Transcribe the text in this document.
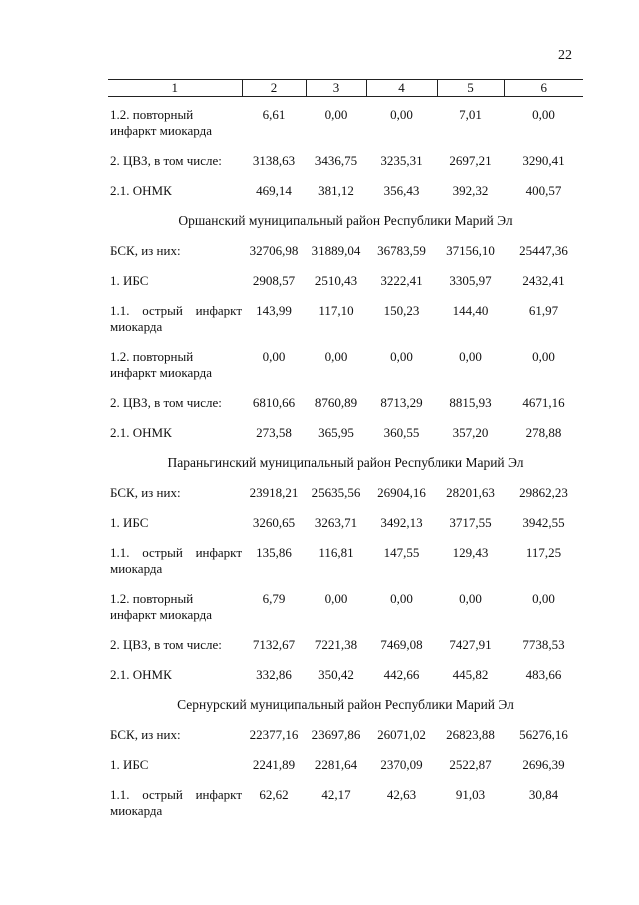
22
1	2	3	4	5	6

1.2. повторный
инфаркт миокарда	6,61	0,00	0,00	7,01	0,00

2. ЦВЗ, в том числе:	3138,63	3436,75	3235,31	2697,21	3290,41

2.1. ОНМК	469,14	381,12	356,43	392,32	400,57
Оршанский муниципальный район Республики Марий Эл					

БСК, из них:	32706,98	31889,04	36783,59	37156,10	25447,36

1. ИБС	2908,57	2510,43	3222,41	3305,97	2432,41

1.1. острый инфаркт
миокарда	143,99	117,10	150,23	144,40	61,97

1.2. повторный
инфаркт миокарда	0,00	0,00	0,00	0,00	0,00

2. ЦВЗ, в том числе:	6810,66	8760,89	8713,29	8815,93	4671,16

2.1. ОНМК	273,58	365,95	360,55	357,20	278,88
Параньгинский муниципальный район Республики Марий Эл					

БСК, из них:	23918,21	25635,56	26904,16	28201,63	29862,23

1. ИБС	3260,65	3263,71	3492,13	3717,55	3942,55

1.1. острый инфаркт
миокарда	135,86	116,81	147,55	129,43	117,25

1.2. повторный
инфаркт миокарда	6,79	0,00	0,00	0,00	0,00

2. ЦВЗ, в том числе:	7132,67	7221,38	7469,08	7427,91	7738,53

2.1. ОНМК	332,86	350,42	442,66	445,82	483,66
Сернурский муниципальный район Республики Марий Эл					

БСК, из них:	22377,16	23697,86	26071,02	26823,88	56276,16

1. ИБС	2241,89	2281,64	2370,09	2522,87	2696,39

1.1. острый инфаркт
миокарда	62,62	42,17	42,63	91,03	30,84
